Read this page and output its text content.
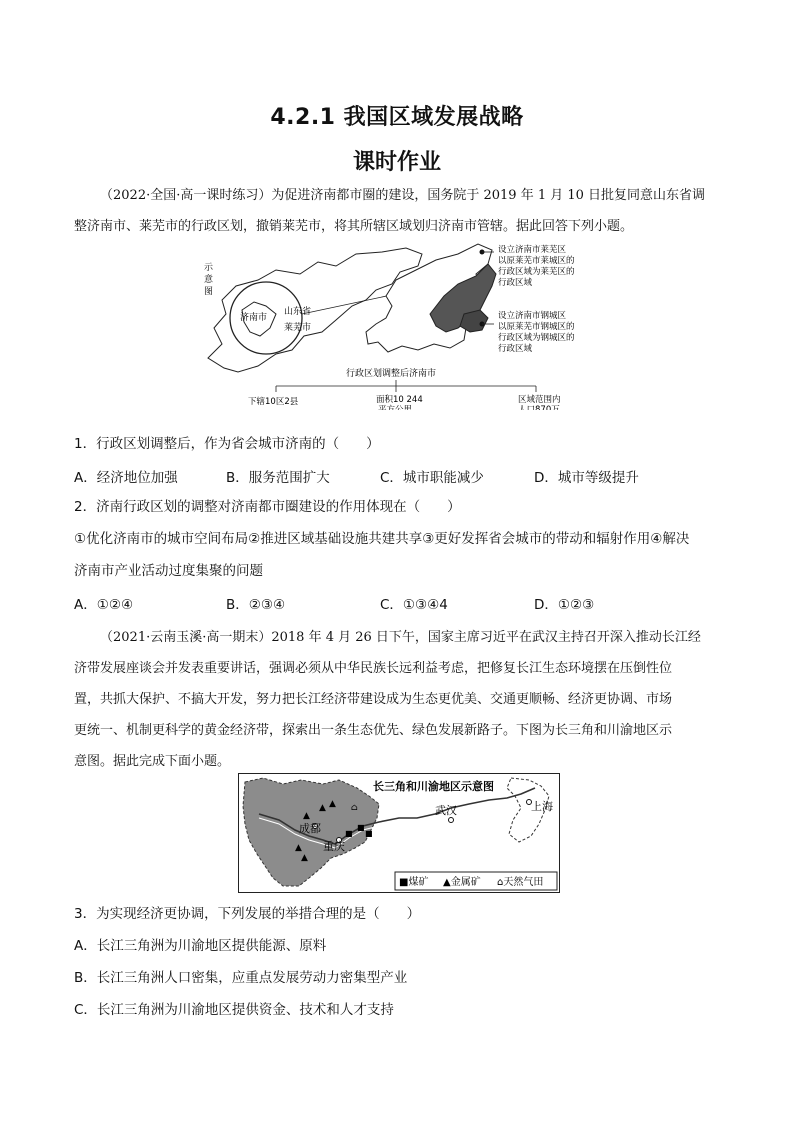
4.2.1 我国区域发展战略
课时作业
（2022·全国·高一课时练习）为促进济南都市圈的建设，国务院于 2019 年 1 月 10 日批复同意山东省调
整济南市、莱芜市的行政区划，撤销莱芜市，将其所辖区域划归济南市管辖。据此回答下列小题。
示
意
图
济南市
山东省
莱芜市
设立济南市莱芜区
以原莱芜市莱城区的
行政区域为莱芜区的
行政区域
设立济南市钢城区
以原莱芜市钢城区的
行政区域为钢城区的
行政区域
行政区划调整后济南市
下辖10区2县	面积10 244
平方公里
区域范围内
人口870万
1．行政区划调整后，作为省会城市济南的（　　）
A．经济地位加强	B．服务范围扩大	C．城市职能减少	D．城市等级提升
2．济南行政区划的调整对济南都市圈建设的作用体现在（　　）
①优化济南市的城市空间布局②推进区域基础设施共建共享③更好发挥省会城市的带动和辐射作用④解决
济南市产业活动过度集聚的问题
A．①②④	B．②③④	C．①③④4	D．①②③
（2021·云南玉溪·高一期末）2018 年 4 月 26 日下午，国家主席习近平在武汉主持召开深入推动长江经
济带发展座谈会并发表重要讲话，强调必须从中华民族长远利益考虑，把修复长江生态环境摆在压倒性位
置，共抓大保护、不搞大开发，努力把长江经济带建设成为生态更优美、交通更顺畅、经济更协调、市场
更统一、机制更科学的黄金经济带，探索出一条生态优先、绿色发展新路子。下图为长三角和川渝地区示
意图。据此完成下面小题。
长三角和川渝地区示意图
成都
重庆
武汉	上海
▲ ▲
▲
▲
▲
⌂
■
■
■
■煤矿 ▲金属矿 ⌂天然气田
3．为实现经济更协调，下列发展的举措合理的是（　　）
A．长江三角洲为川渝地区提供能源、原料
B．长江三角洲人口密集，应重点发展劳动力密集型产业
C．长江三角洲为川渝地区提供资金、技术和人才支持
